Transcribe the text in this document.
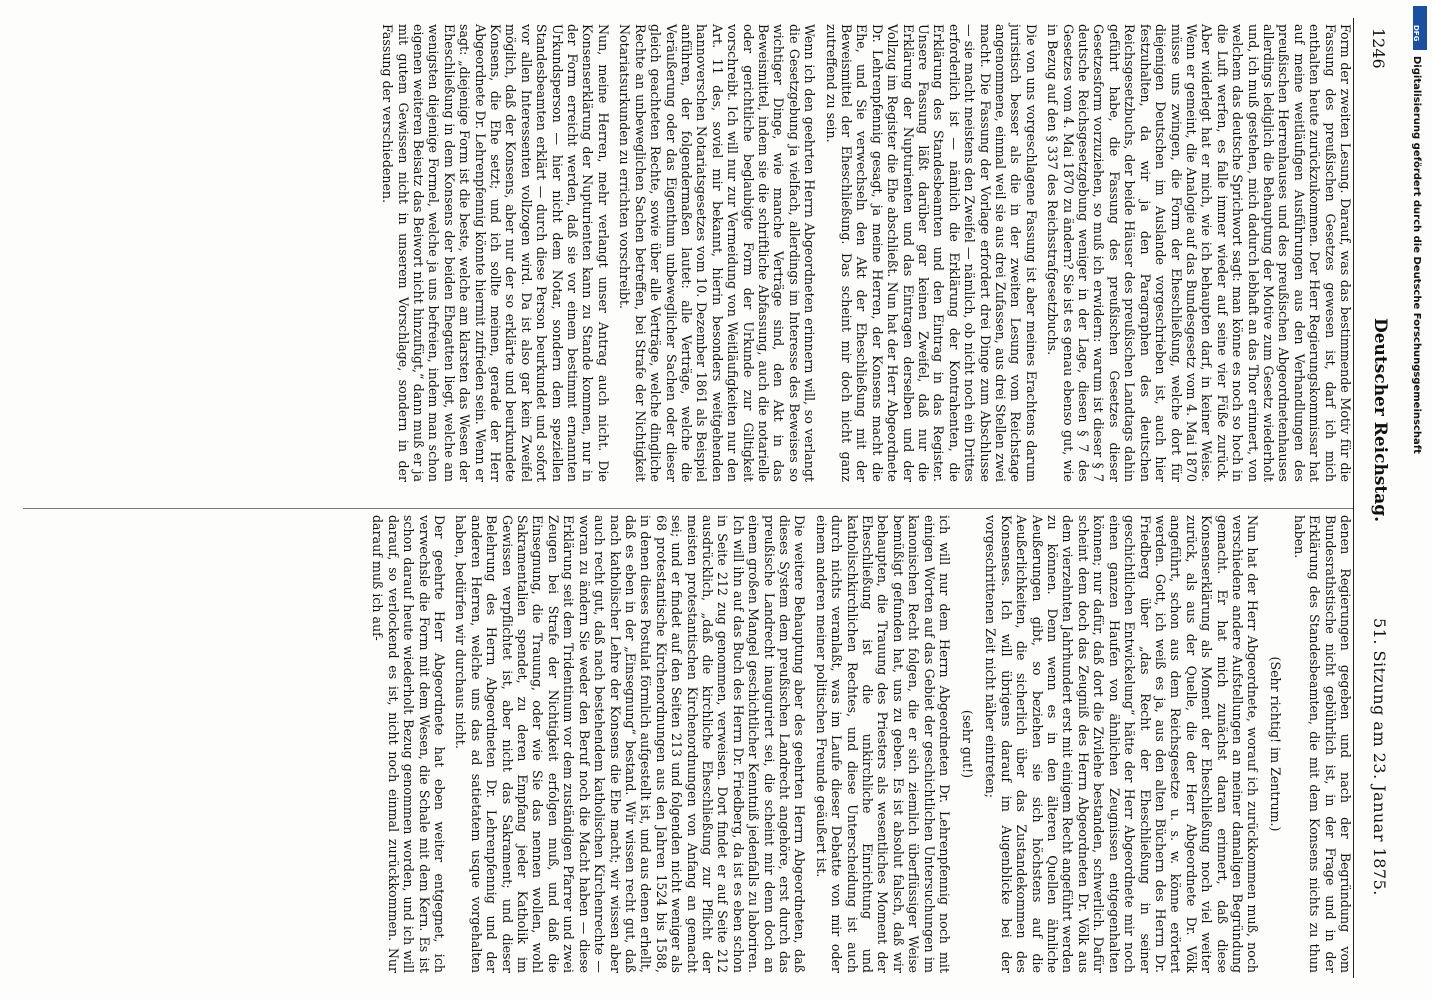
DFG
Digitalisierung gefördert durch die Deutsche Forschungsgemeinschaft
1246
Deutscher Reichstag.
51. Sitzung am 23. Januar 1875.

Form der zweiten Lesung. Darauf, was das bestimmende Motiv für die Fassung des preußischen Gesetzes gewesen ist, darf ich mich enthalten heute zurückzukommen. Der Herr Regierungskommissar hat auf meine weitläufigen Ausführungen aus den Verhandlungen des preußischen Herrenhauses und des preußischen Abgeordnetenhauses allerdings lediglich die Behauptung der Motive zum Gesetz wiederholt und, ich muß gestehen, mich dadurch lebhaft an das Thor erinnert, von welchem das deutsche Sprichwort sagt: man könne es noch so hoch in die Luft werfen, es falle immer wieder auf seine vier Füße zurück. Aber widerlegt hat er mich, wie ich behaupten darf, in keiner Weise. Wenn er gemeint, die Analogie auf das Bundesgesetz vom 4. Mai 1870 müsse uns zwingen, die Form der Eheschließung, welche dort für diejenigen Deutschen im Auslande vorgeschrieben ist, auch hier festzuhalten, da wir ja den Paragraphen des deutschen Reichsgesetzbuchs, der beide Häuser des preußischen Landtags dahin geführt habe, die Fassung des preußischen Gesetzes dieser Gesetzesform vorzuziehen, so muß ich erwidern: warum ist dieser § 7 deutsche Reichsgesetzgebung weniger in der Lage, diesen § 7 des Gesetzes vom 4. Mai 1870 zu ändern? Sie ist es genau ebenso gut, wie in Bezug auf den § 337 des Reichsstrafgesetzbuchs.

Die von uns vorgeschlagene Fassung ist aber meines Erachtens darum juristisch besser als die in der zweiten Lesung vom Reichstage angenommene, einmal weil sie aus drei Zufassen, aus drei Stellen zwei macht. Die Fassung der Vorlage erfordert drei Dinge zum Abschlusse — sie macht meistens den Zweifel — nämlich, ob nicht noch ein Drittes erforderlich ist — nämlich die Erklärung der Kontrahenten, die Erklärung des Standesbeamten und den Eintrag in das Register. Unsere Fassung läßt darüber gar keinen Zweifel, daß nur die Erklärung der Nupturienten und das Eintragen derselben und der Vollzug im Register die Ehe abschließt. Nun hat der Herr Abgeordnete Dr. Lehrenpfennig gesagt, ja meine Herren, der Konsens macht die Ehe, und Sie verwechseln den Akt der Eheschließung mit der Beweismittel der Eheschließung. Das scheint mir doch nicht ganz zutreffend zu sein.

Wenn ich den geehrten Herrn Abgeordneten erinnern will, so verlangt die Gesetzgebung ja vielfach, allerdings im Interesse des Beweises so wichtiger Dinge, wie manche Verträge sind, den Akt in das Beweismittel, indem sie die schriftliche Abfassung, auch die notarielle oder gerichtliche beglaubigte Form der Urkunde zur Giltigkeit vorschreibt. Ich will nur zur Vermeidung von Weitläufigkeiten nur den Art. 11 des, soviel mir bekannt, hierin besonders weitgehenden hannoverschen Notariatsgesetzes vom 10. Dezember 1861 als Beispiel anführen, der folgendermaßen lautet: alle Verträge, welche die Veräußerung oder das Eigenthum unbeweglicher Sachen oder dieser gleich geachteten Rechte, sowie über alle Verträge, welche dingliche Rechte an unbeweglichen Sachen betreffen, bei Strafe der Nichtigkeit Notariatsurkunden zu errichten vorschreibt.

Nun, meine Herren, mehr verlangt unser Antrag auch nicht. Die Konsenserklärung der Nupturienten kann zu Stande kommen, nur in der Form erreicht werden, daß sie vor einem bestimmt ernannten Urkundsperson — hier nicht dem Notar, sondern dem speziellen Standesbeamten erklärt — durch diese Person beurkundet und sofort vor allen Interessenten vollzogen wird. Da ist also gar kein Zweifel möglich, daß der Konsens, aber nur der so erklärte und beurkundete Konsens, die Ehe setzt; und ich sollte meinen, gerade der Herr Abgeordnete Dr. Lehrenpfennig könnte hiermit zufrieden sein. Wenn er sagt: „diejenige Form ist die beste, welche am klarsten das Wesen der Eheschließung in dem Konsens der beiden Ehegatten liegt, welche am wenigsten diejenige Formel, welche ja uns befreien, indem man schon eigenen weiteren Beisatz das Beiwort nicht hinzufügt,“ dann muß er ja mit gutem Gewissen nicht in unserem Vorschlage, sondern in der Fassung der verschiedenen.

denen Regierungen gegeben und nach der Begründung vom Bundesrathstische nicht gebührlich ist, in der Frage und in der Erklärung des Standesbeamten, die mit dem Konsens nichts zu thun haben.

(Sehr richtig! im Zentrum.)

Nun hat der Herr Abgeordnete, worauf ich zurückkommen muß, noch verschiedene andere Aufstellungen an meiner damaligen Begründung gemacht. Er hat mich zunächst daran erinnert, daß diese Konsenserklärung als Moment der Eheschließung noch viel weiter zurück, als aus der Quelle, die der Herr Abgeordnete Dr. Völk angeführt, schon aus dem Reichsgesetze u. s. w. könne erörtert werden. Gott, ich weiß es ja, aus den alten Büchern des Herrn Dr. Friedberg über „das Recht der Eheschließung in seiner geschichtlichen Entwickelung“ hätte der Herr Abgeordnete mir noch einen ganzen Haufen von ähnlichen Zeugnissen entgegenhalten können; nur dafür, daß dort die Zivilehe bestanden, schwerlich. Dafür scheint dem doch das Zeugniß des Herrn Abgeordneten Dr. Völk aus dem vierzehnten Jahrhundert erst mit einigem Recht angeführt werden zu können. Denn wenn es in den älteren Quellen ähnliche Aeußerungen gibt, so beziehen sie sich höchstens auf die Aeußerlichkeiten, die sicherlich über das Zustandekommen des Konsenses. Ich will übrigens darauf im Augenblicke bei der vorgeschrittenen Zeit nicht näher eintreten;

(sehr gut!)

ich will nur dem Herrn Abgeordneten Dr. Lehrenpfennig noch mit einigen Worten auf das Gebiet der geschichtlichen Untersuchungen im kanonischen Recht folgen, die er sich ziemlich überflüssiger Weise bemüßigt gefunden hat, uns zu geben. Es ist absolut falsch, daß wir behaupten, die Trauung des Priesters als wesentliches Moment der Eheschließung ist die unkirchliche Einrichtung und katholischkirchlichen Rechtes, und diese Unterscheidung ist auch durch nichts veranlaßt, was im Laufe dieser Debatte von mir oder einem anderen meiner politischen Freunde geäußert ist.

Die weitere Behauptung aber des geehrten Herrn Abgeordneten, daß dieses System dem preußischen Landrecht angehöre, erst durch das preußische Landrecht inauguriert sei, die scheint mir denn doch an einem großen Mangel geschichtlicher Kenntniß jedenfalls zu laboriren. Ich will ihn auf das Buch des Herrn Dr. Friedberg, da ist es eben schon in Seite 212 zug genommen, verweisen. Dort findet er auf Seite 212 ausdrücklich, „daß die kirchliche Eheschließung zur Pflicht der meisten protestantischen Kirchenordnungen von Anfang an gemacht sei; und er findet auf den Seiten 213 und folgenden nicht weniger als 68 protestantische Kirchenordnungen aus den Jahren 1524 bis 1588, in denen dieses Postulat förmlich aufgestellt ist, und aus denen erhellt, daß es eben in der „Einsegnung“ bestand. Wir wissen recht gut, daß nach katholischer Lehre der Konsens die Ehe macht; wir wissen aber auch recht gut, daß nach bestehendem katholischen Kirchenrechte — woran zu ändern Sie weder den Beruf noch die Macht haben — diese Erklärung seit dem Tridentinum vor dem zuständigen Pfarrer und zwei Zeugen bei Strafe der Nichtigkeit erfolgen muß, und daß die Einsegnung, die Trauung, oder wie Sie das nennen wollen, wohl Sakramentalien spendet, zu deren Empfang jeder Katholik im Gewissen verpflichtet ist, aber nicht das Sakrament; und dieser Belehrung des Herrn Abgeordneten Dr. Lehrenpfennig und der anderen Herren, welche uns das ad satietatem usque vorgehalten haben, bedürfen wir durchaus nicht.

Der geehrte Herr Abgeordnete hat eben weiter entgegnet, ich verwechsle die Form mit dem Wesen, die Schale mit dem Kern. Es ist schon darauf heute wiederholt Bezug genommen worden, und ich will darauf, so verlockend es ist, nicht noch einmal zurückkommen. Nur darauf muß ich auf-
